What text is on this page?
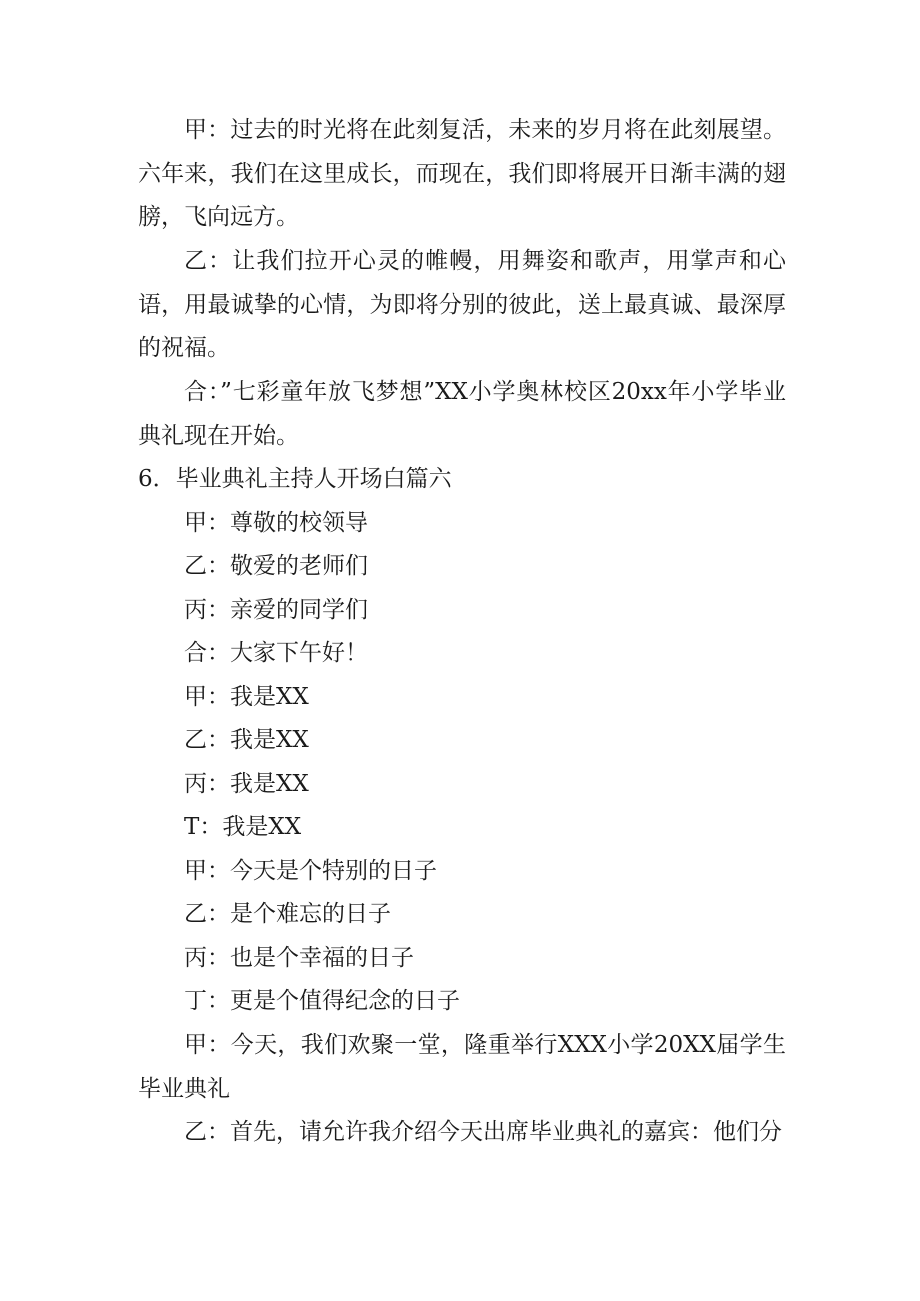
甲：过去的时光将在此刻复活，未来的岁月将在此刻展望。六年来，我们在这里成长，而现在，我们即将展开日渐丰满的翅膀，飞向远方。

乙：让我们拉开心灵的帷幔，用舞姿和歌声，用掌声和心语，用最诚挚的心情，为即将分别的彼此，送上最真诚、最深厚的祝福。

合：”七彩童年放飞梦想”XX小学奥林校区20xx年小学毕业典礼现在开始。

6．毕业典礼主持人开场白篇六

甲：尊敬的校领导

乙：敬爱的老师们

丙：亲爱的同学们

合：大家下午好！

甲：我是XX

乙：我是XX

丙：我是XX

T：我是XX

甲：今天是个特别的日子

乙：是个难忘的日子

丙：也是个幸福的日子

丁：更是个值得纪念的日子

甲：今天，我们欢聚一堂，隆重举行XXX小学20XX届学生毕业典礼

乙：首先，请允许我介绍今天出席毕业典礼的嘉宾：他们分
